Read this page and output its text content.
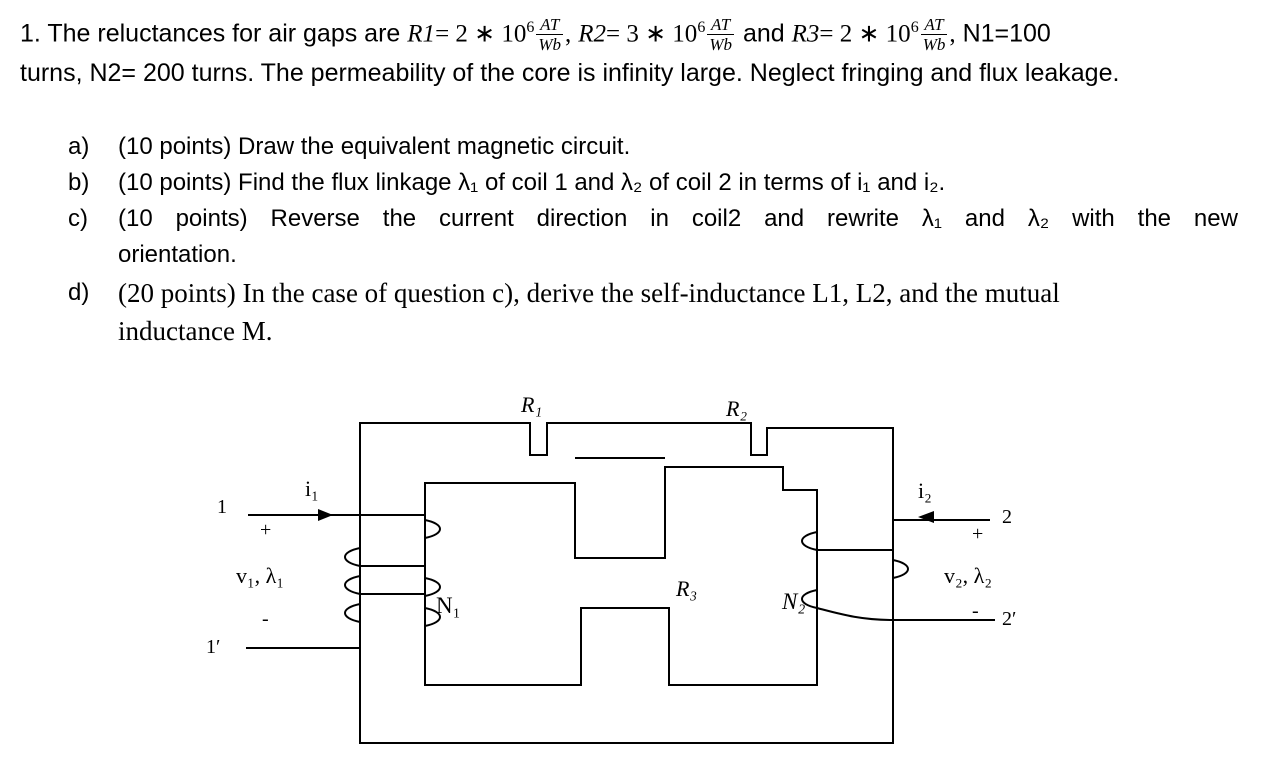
1. The reluctances for air gaps are R1= 2 ∗ $10^6 \frac{AT}{Wb}$ , R2= 3 ∗ $10^6 \frac{AT}{Wb}$ and R3= 2 ∗ $10^6 \frac{AT}{Wb}$ , N1=100
turns, N2= 200 turns. The permeability of the core is infinity large. Neglect fringing and flux leakage.
a) (10 points) Draw the equivalent magnetic circuit.
b) (10 points) Find the flux linkage λ₁ of coil 1 and λ₂ of coil 2 in terms of i₁ and i₂.
c) (10 points) Reverse the current direction in coil2 and rewrite λ₁ and λ₂ with the new
orientation.
d) (20 points) In the case of question c), derive the self-inductance L1, L2, and the mutual
inductance M.
R₁	R₂
R₃
N₁	N₂
i₁	i₂
1
1′
2
2′
+
-
+
-
v₁, λ₁	v₂, λ₂
